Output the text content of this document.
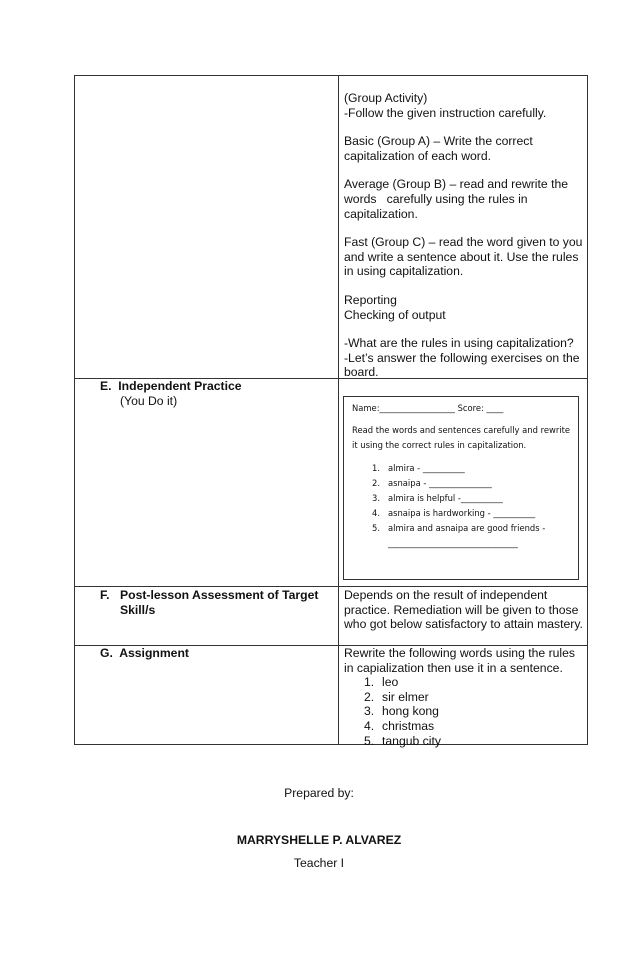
(Group Activity)
-Follow the given instruction carefully.

Basic (Group A) – Write the correct capitalization of each word.

Average (Group B) – read and rewrite the words   carefully using the rules in capitalization.

Fast (Group C) – read the word given to you and write a sentence about it. Use the rules in using capitalization.

Reporting
Checking of output

-What are the rules in using capitalization?
-Let’s answer the following exercises on the board.

E. Independent Practice
(You Do it)	Name:__________________ Score: ____
Read the words and sentences carefully and rewrite it using the correct rules in capitalization.
1. almira - __________
2. asnaipa - _______________
3. almira is helpful -__________
4. asnaipa is hardworking - __________
5. almira and asnaipa are good friends -
_______________________________
F. Post-lesson Assessment of Target Skill/s
Depends on the result of independent practice. Remediation will be given to those who got below satisfactory to attain mastery.
G. Assignment	Rewrite the following words using the rules in capialization then use it in a sentence.
1. leo
2. sir elmer
3. hong kong
4. christmas
5. tangub city
Prepared by:
MARRYSHELLE P. ALVAREZ
Teacher I
